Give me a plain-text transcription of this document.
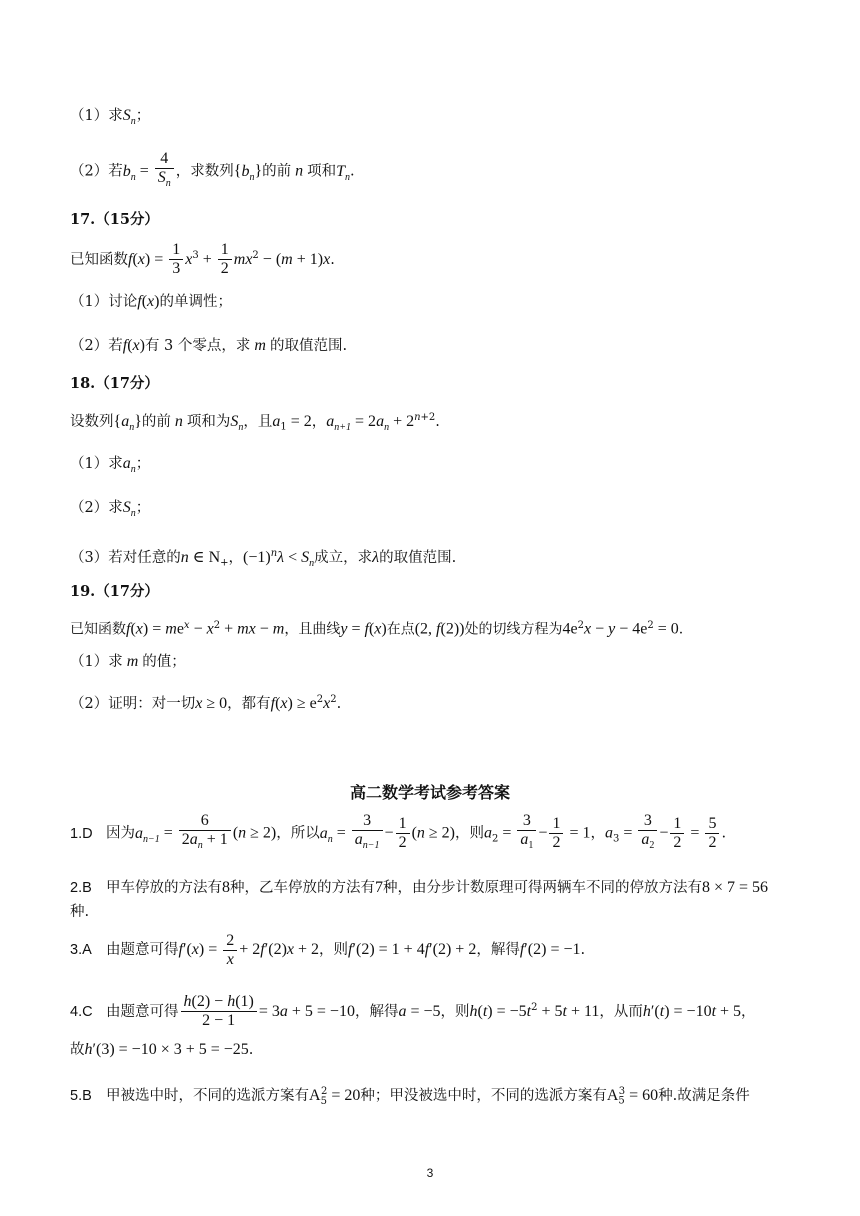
（1）求$S_n$；
（2）若$b_n = \frac{4}{S_n}$ ，求数列$\{b_n\}$的前 n 项和$T_n$.
17.（15分）
已知函数$f(x) = \frac{1}{3} x^3 + \frac{1}{2} mx^2 - (m + 1)x$.
（1）讨论f(x)的单调性；
（2）若f(x)有 3 个零点，求 m 的取值范围.
18.（17分）
设数列$\{a_n\}$的前 n 项和为$S_n$，且$a_1 = 2$，$a_{n+1} = 2a_n + 2^{n+2}$.
（1）求$a_n$；
（2）求$S_n$；
（3）若对任意的n ∈ $N_+$，$(-1)^n\lambda < S_n$成立，求λ的取值范围.
19.（17分）
已知函数$f(x) = me^x - x^2$ + mx − m，且曲线y = f(x)在点(2, f(2))处的切线方程为$4e^2x - y - 4e^2 = 0$.
（1）求 m 的值；
（2）证明：对一切x ≥ 0，都有$f(x) \ge e^2x^2$.
高二数学考试参考答案
1.D 因为$a_{n-1} = \frac{6}{2a_n + 1} (n \ge 2)$，所以$a_n = \frac{3}{a_{n-1}} - \frac{1}{2} (n \ge 2)$，则$a_2 = \frac{3}{a_1} - \frac{1}{2} = 1$，$a_3 = \frac{3}{a_2} - \frac{1}{2} = \frac{5}{2}$ .
2.B 甲车停放的方法有8种，乙车停放的方法有7种，由分步计数原理可得两辆车不同的停放方法有8 × 7 = 56
种.
3.A 由题意可得$f'(x) = \frac{2}{x} + 2f'(2)x + 2$，则f′(2) = 1 + 4f′(2) + 2，解得f′(2) = −1.
4.C 由题意可得 $\frac{h(2) - h(1)}{2 - 1} = 3a + 5 = -10$，解得a = −5，则$h(t) = -5t^2 + 5t + 11$，从而h′(t) = −10t + 5，
故h′(3) = −10 × 3 + 5 = −25.
5.B 甲被选中时，不同的选派方案有$A_5^2 = 20$种；甲没被选中时，不同的选派方案有$A_5^3 = 60$种.故满足条件
3
